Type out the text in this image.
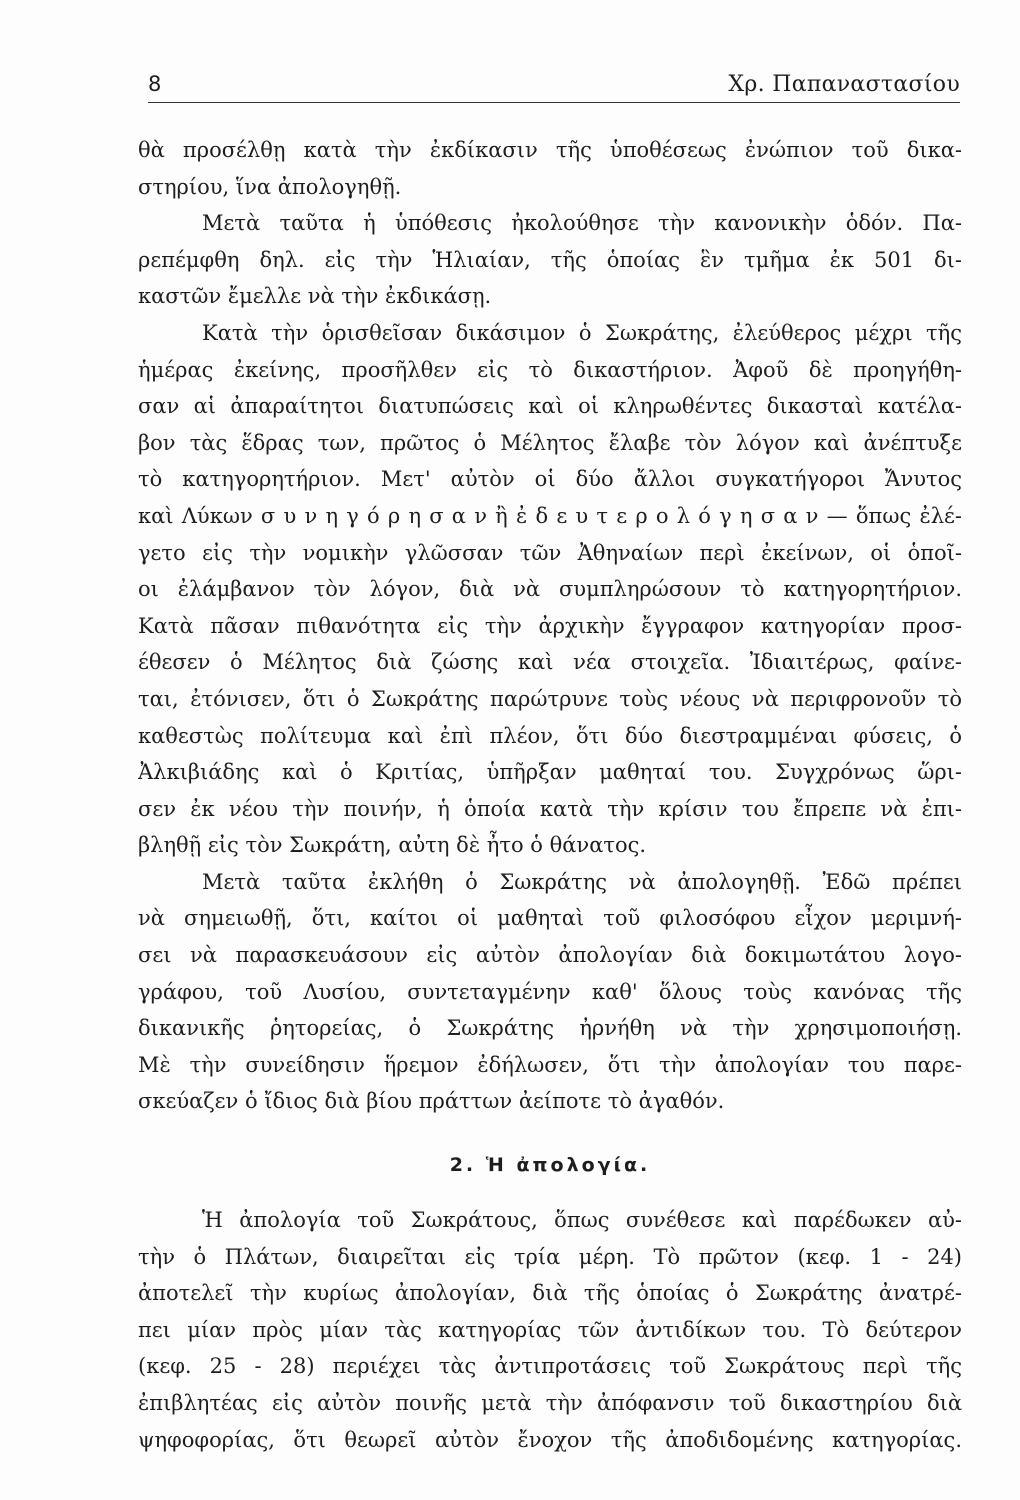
8	Χρ. Παπαναστασίου
θὰ προσέλθῃ κατὰ τὴν ἐκδίκασιν τῆς ὑποθέσεως ἐνώπιον τοῦ δικα-
στηρίου, ἵνα ἀπολογηθῇ.
Μετὰ ταῦτα ἡ ὑπόθεσις ἠκολούθησε τὴν κανονικὴν ὁδόν. Πα-
ρεπέμφθη δηλ. εἰς τὴν Ἡλιαίαν, τῆς ὁποίας ἓν τμῆμα ἐκ 501 δι-
καστῶν ἔμελλε νὰ τὴν ἐκδικάσῃ.
Κατὰ τὴν ὁρισθεῖσαν δικάσιμον ὁ Σωκράτης, ἐλεύθερος μέχρι τῆς
ἡμέρας ἐκείνης, προσῆλθεν εἰς τὸ δικαστήριον. Ἀφοῦ δὲ προηγήθη-
σαν αἱ ἀπαραίτητοι διατυπώσεις καὶ οἱ κληρωθέντες δικασταὶ κατέλα-
βον τὰς ἕδρας των, πρῶτος ὁ Μέλητος ἔλαβε τὸν λόγον καὶ ἀνέπτυξε
τὸ κατηγορητήριον. Μετ' αὐτὸν οἱ δύο ἄλλοι συγκατήγοροι Ἄνυτος
καὶ Λύκων σ υ ν η γ ό ρ η σ α ν ἢ ἐ δ ε υ τ ε ρ ο λ ό γ η σ α ν — ὅπως ἐλέ-
γετο εἰς τὴν νομικὴν γλῶσσαν τῶν Ἀθηναίων περὶ ἐκείνων, οἱ ὁποῖ-
οι ἐλάμβανον τὸν λόγον, διὰ νὰ συμπληρώσουν τὸ κατηγορητήριον.
Κατὰ πᾶσαν πιθανότητα εἰς τὴν ἀρχικὴν ἔγγραφον κατηγορίαν προσ-
έθεσεν ὁ Μέλητος διὰ ζώσης καὶ νέα στοιχεῖα. Ἰδιαιτέρως, φαίνε-
ται, ἐτόνισεν, ὅτι ὁ Σωκράτης παρώτρυνε τοὺς νέους νὰ περιφρονοῦν τὸ
καθεστὼς πολίτευμα καὶ ἐπὶ πλέον, ὅτι δύο διεστραμμέναι φύσεις, ὁ
Ἀλκιβιάδης καὶ ὁ Κριτίας, ὑπῆρξαν μαθηταί του. Συγχρόνως ὥρι-
σεν ἐκ νέου τὴν ποινήν, ἡ ὁποία κατὰ τὴν κρίσιν του ἔπρεπε νὰ ἐπι-
βληθῇ εἰς τὸν Σωκράτη, αὐτη δὲ ἦτο ὁ θάνατος.
Μετὰ ταῦτα ἐκλήθη ὁ Σωκράτης νὰ ἀπολογηθῇ. Ἐδῶ πρέπει
νὰ σημειωθῇ, ὅτι, καίτοι οἱ μαθηταὶ τοῦ φιλοσόφου εἶχον μεριμνή-
σει νὰ παρασκευάσουν εἰς αὐτὸν ἀπολογίαν διὰ δοκιμωτάτου λογο-
γράφου, τοῦ Λυσίου, συντεταγμένην καθ' ὅλους τοὺς κανόνας τῆς
δικανικῆς ῥητορείας, ὁ Σωκράτης ἠρνήθη νὰ τὴν χρησιμοποιήσῃ.
Μὲ τὴν συνείδησιν ἥρεμον ἐδήλωσεν, ὅτι τὴν ἀπολογίαν του παρε-
σκεύαζεν ὁ ἴδιος διὰ βίου πράττων ἀείποτε τὸ ἀγαθόν.
2. Ἡ ἀπολογία.
Ἡ ἀπολογία τοῦ Σωκράτους, ὅπως συνέθεσε καὶ παρέδωκεν αὐ-
τὴν ὁ Πλάτων, διαιρεῖται εἰς τρία μέρη. Τὸ πρῶτον (κεφ. 1 - 24)
ἀποτελεῖ τὴν κυρίως ἀπολογίαν, διὰ τῆς ὁποίας ὁ Σωκράτης ἀνατρέ-
πει μίαν πρὸς μίαν τὰς κατηγορίας τῶν ἀντιδίκων του. Τὸ δεύτερον
(κεφ. 25 - 28) περιέχει τὰς ἀντιπροτάσεις τοῦ Σωκράτους περὶ τῆς
ἐπιβλητέας εἰς αὐτὸν ποινῆς μετὰ τὴν ἀπόφανσιν τοῦ δικαστηρίου διὰ
ψηφοφορίας, ὅτι θεωρεῖ αὐτὸν ἔνοχον τῆς ἀποδιδομένης κατηγορίας.
